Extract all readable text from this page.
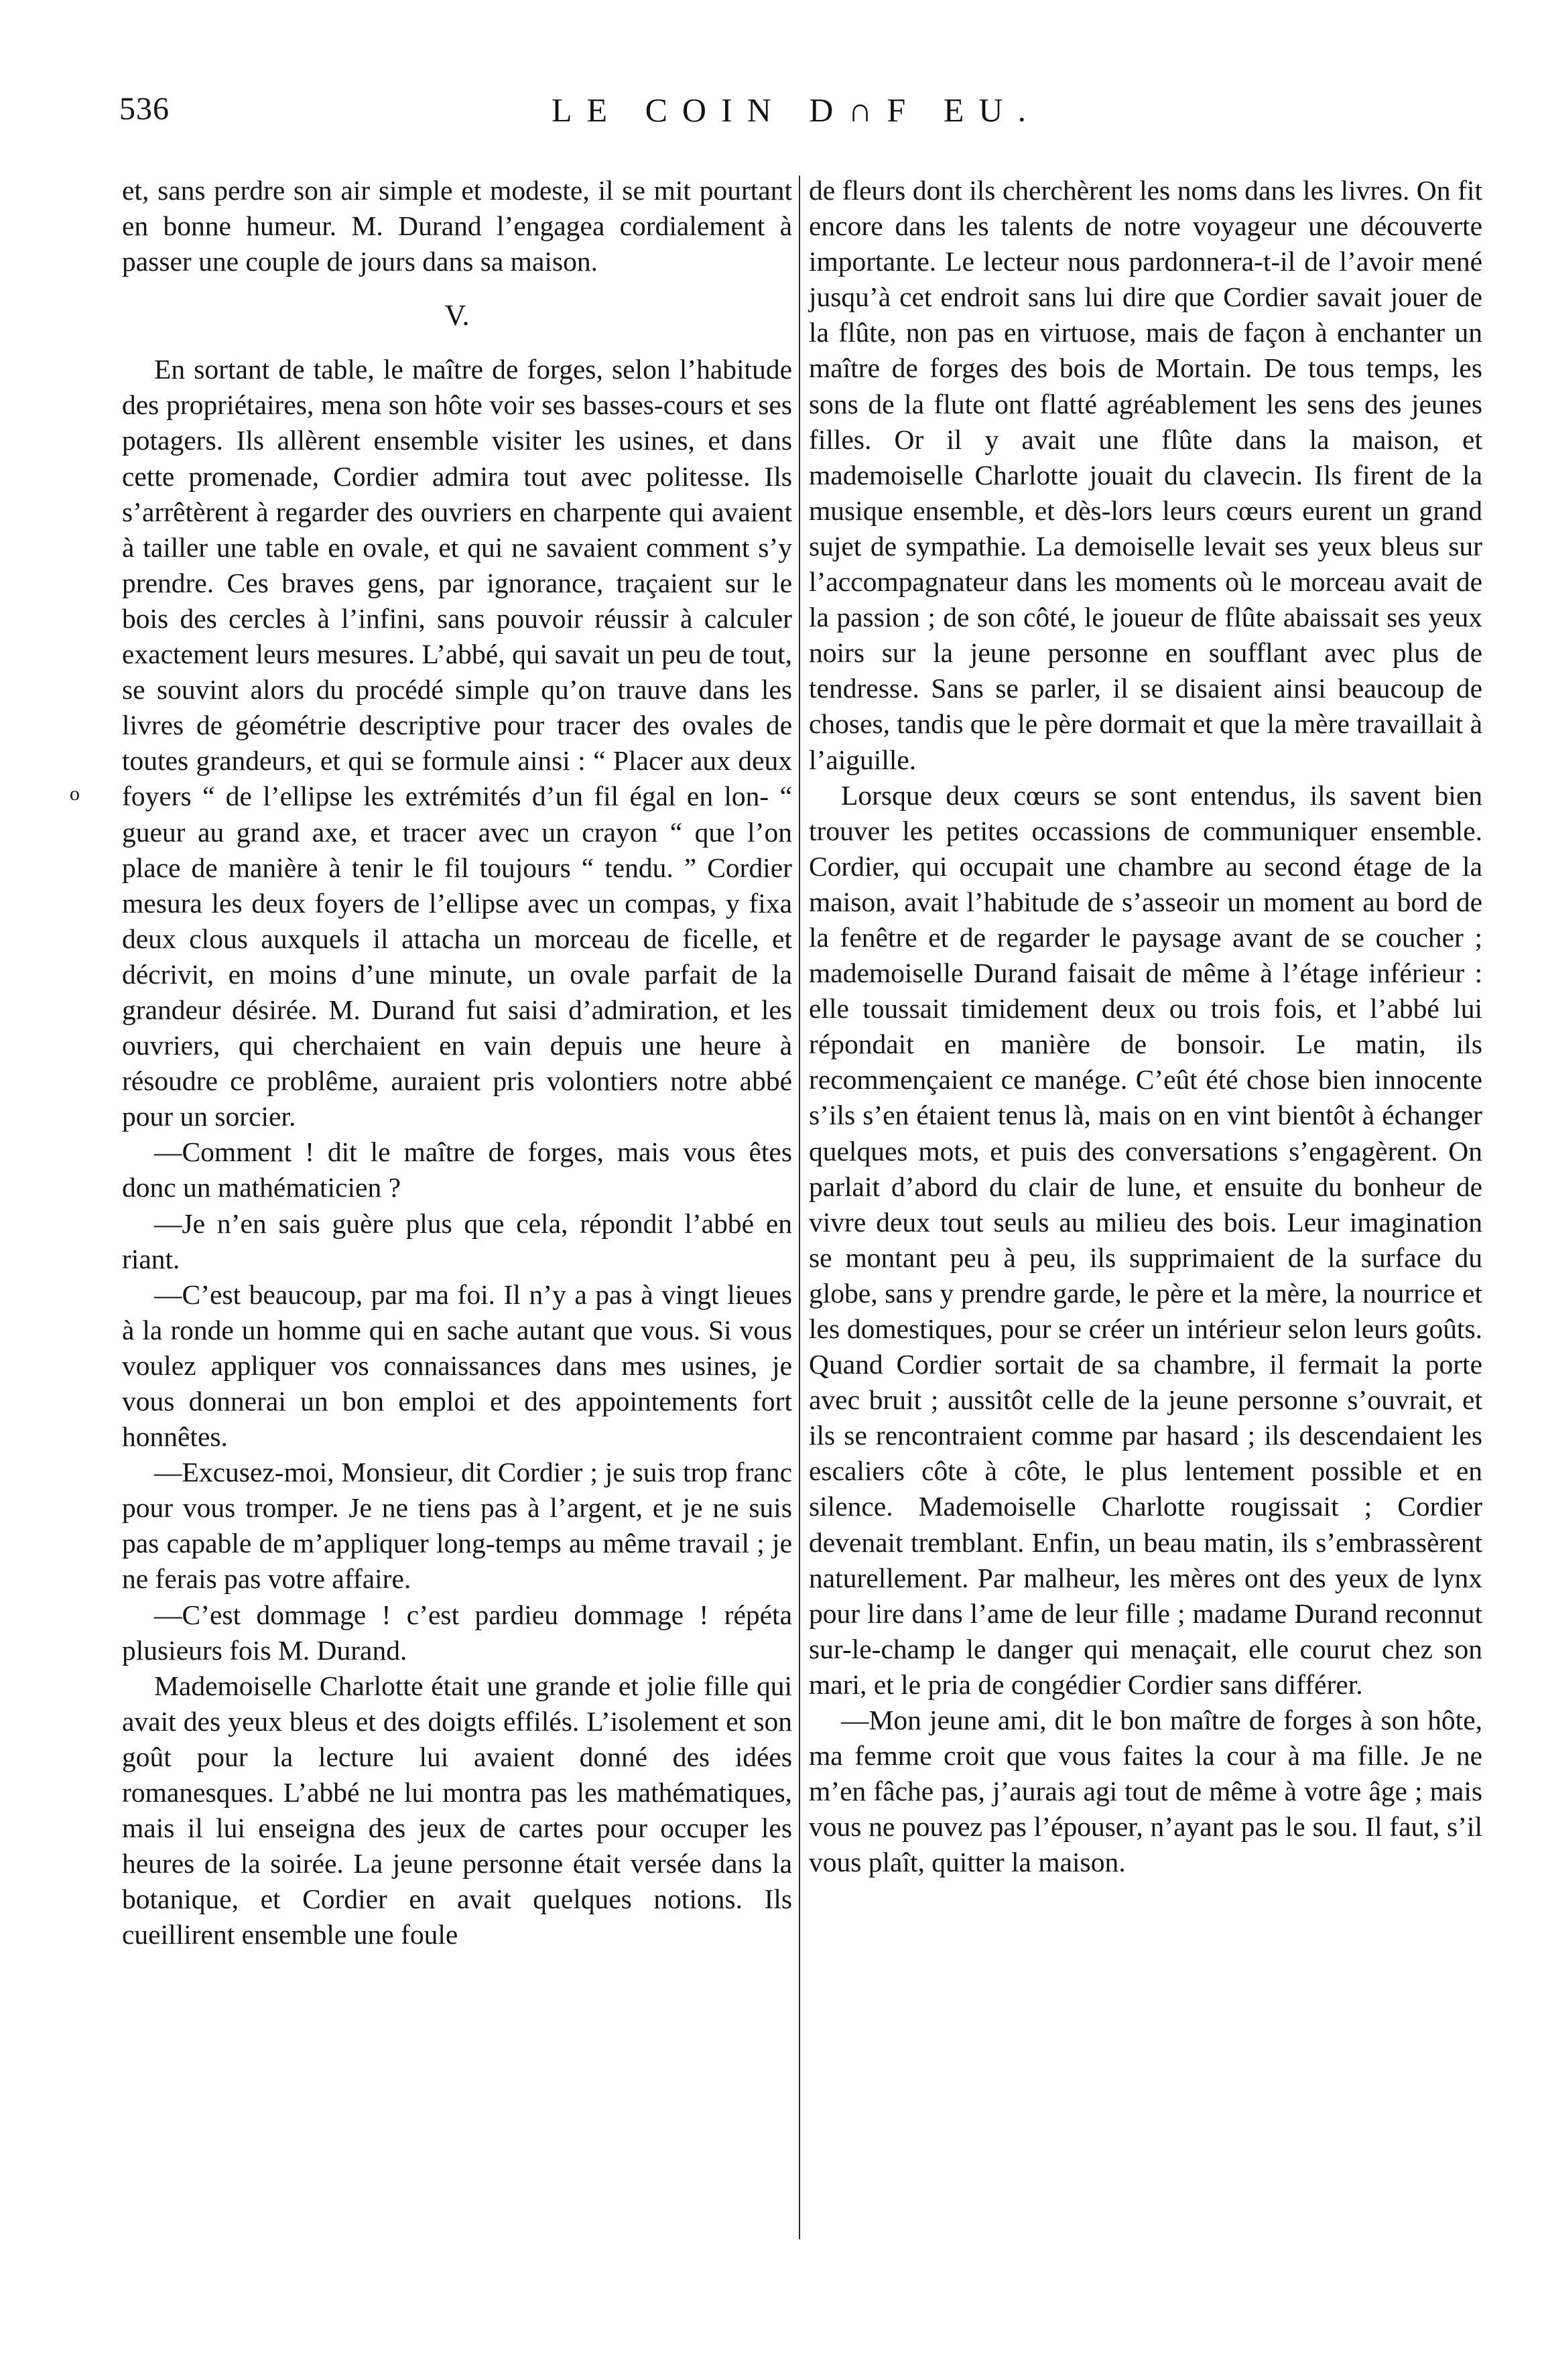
536	LE COIN D∩F EU.
o

et, sans perdre son air simple et modeste, il se mit pourtant en bonne humeur. M. Durand l’engagea cordialement à passer une couple de jours dans sa maison.

V.

En sortant de table, le maître de forges, selon l’habitude des propriétaires, mena son hôte voir ses basses-cours et ses potagers. Ils allèrent ensemble visiter les usines, et dans cette promenade, Cordier admira tout avec politesse. Ils s’arrêtèrent à regarder des ouvriers en charpente qui avaient à tailler une table en ovale, et qui ne savaient comment s’y prendre. Ces braves gens, par ignorance, traçaient sur le bois des cercles à l’infini, sans pouvoir réussir à calculer exactement leurs mesures. L’abbé, qui savait un peu de tout, se souvint alors du procédé simple qu’on trauve dans les livres de géométrie descriptive pour tracer des ovales de toutes grandeurs, et qui se formule ainsi : “ Placer aux deux foyers “ de l’ellipse les extrémités d’un fil égal en lon- “ gueur au grand axe, et tracer avec un crayon “ que l’on place de manière à tenir le fil toujours “ tendu. ” Cordier mesura les deux foyers de l’ellipse avec un compas, y fixa deux clous auxquels il attacha un morceau de ficelle, et décrivit, en moins d’une minute, un ovale parfait de la grandeur désirée. M. Durand fut saisi d’admiration, et les ouvriers, qui cherchaient en vain depuis une heure à résoudre ce problême, auraient pris volontiers notre abbé pour un sorcier.

—Comment ! dit le maître de forges, mais vous êtes donc un mathématicien ?

—Je n’en sais guère plus que cela, répondit l’abbé en riant.

—C’est beaucoup, par ma foi. Il n’y a pas à vingt lieues à la ronde un homme qui en sache autant que vous. Si vous voulez appliquer vos connaissances dans mes usines, je vous donnerai un bon emploi et des appointements fort honnêtes.

—Excusez-moi, Monsieur, dit Cordier ; je suis trop franc pour vous tromper. Je ne tiens pas à l’argent, et je ne suis pas capable de m’appliquer long-temps au même travail ; je ne ferais pas votre affaire.

—C’est dommage ! c’est pardieu dommage ! répéta plusieurs fois M. Durand.

Mademoiselle Charlotte était une grande et jolie fille qui avait des yeux bleus et des doigts effilés. L’isolement et son goût pour la lecture lui avaient donné des idées romanesques. L’abbé ne lui montra pas les mathématiques, mais il lui enseigna des jeux de cartes pour occuper les heures de la soirée. La jeune personne était versée dans la botanique, et Cordier en avait quelques notions. Ils cueillirent ensemble une foule

de fleurs dont ils cherchèrent les noms dans les livres. On fit encore dans les talents de notre voyageur une découverte importante. Le lecteur nous pardonnera-t-il de l’avoir mené jusqu’à cet endroit sans lui dire que Cordier savait jouer de la flûte, non pas en virtuose, mais de façon à enchanter un maître de forges des bois de Mortain. De tous temps, les sons de la flute ont flatté agréablement les sens des jeunes filles. Or il y avait une flûte dans la maison, et mademoiselle Charlotte jouait du clavecin. Ils firent de la musique ensemble, et dès-lors leurs cœurs eurent un grand sujet de sympathie. La demoiselle levait ses yeux bleus sur l’accompagnateur dans les moments où le morceau avait de la passion ; de son côté, le joueur de flûte abaissait ses yeux noirs sur la jeune personne en soufflant avec plus de tendresse. Sans se parler, il se disaient ainsi beaucoup de choses, tandis que le père dormait et que la mère travaillait à l’aiguille.

Lorsque deux cœurs se sont entendus, ils savent bien trouver les petites occassions de communiquer ensemble. Cordier, qui occupait une chambre au second étage de la maison, avait l’habitude de s’asseoir un moment au bord de la fenêtre et de regarder le paysage avant de se coucher ; mademoiselle Durand faisait de même à l’étage inférieur : elle toussait timidement deux ou trois fois, et l’abbé lui répondait en manière de bonsoir. Le matin, ils recommençaient ce manége. C’eût été chose bien innocente s’ils s’en étaient tenus là, mais on en vint bientôt à échanger quelques mots, et puis des conversations s’engagèrent. On parlait d’abord du clair de lune, et ensuite du bonheur de vivre deux tout seuls au milieu des bois. Leur imagination se montant peu à peu, ils supprimaient de la surface du globe, sans y prendre garde, le père et la mère, la nourrice et les domestiques, pour se créer un intérieur selon leurs goûts. Quand Cordier sortait de sa chambre, il fermait la porte avec bruit ; aussitôt celle de la jeune personne s’ouvrait, et ils se rencontraient comme par hasard ; ils descendaient les escaliers côte à côte, le plus lentement possible et en silence. Mademoiselle Charlotte rougissait ; Cordier devenait tremblant. Enfin, un beau matin, ils s’embrassèrent naturellement. Par malheur, les mères ont des yeux de lynx pour lire dans l’ame de leur fille ; madame Durand reconnut sur-le-champ le danger qui menaçait, elle courut chez son mari, et le pria de congédier Cordier sans différer.

—Mon jeune ami, dit le bon maître de forges à son hôte, ma femme croit que vous faites la cour à ma fille. Je ne m’en fâche pas, j’aurais agi tout de même à votre âge ; mais vous ne pouvez pas l’épouser, n’ayant pas le sou. Il faut, s’il vous plaît, quitter la maison.
